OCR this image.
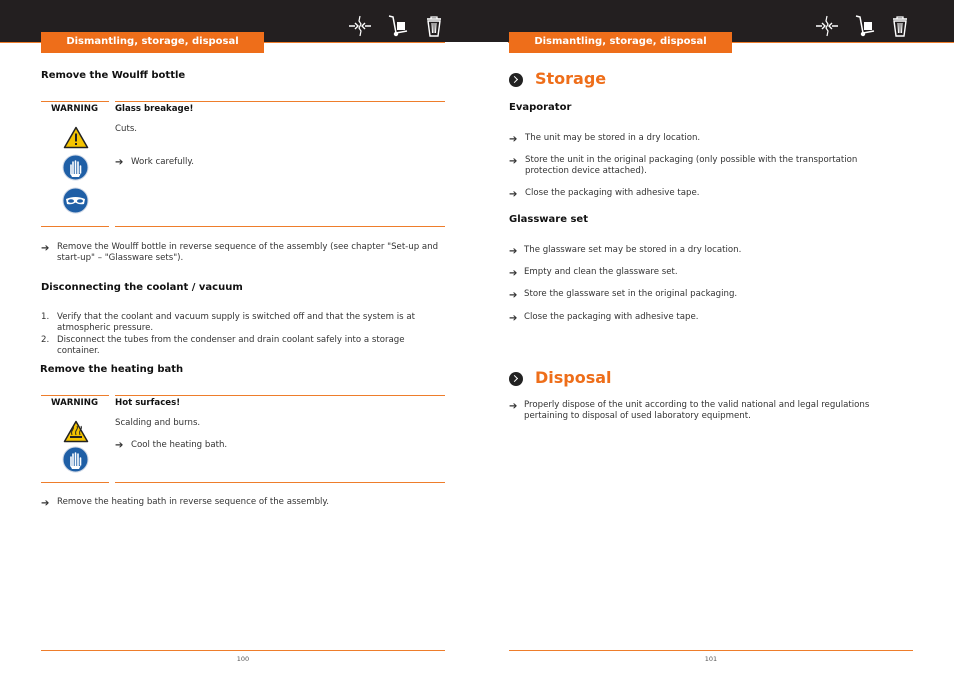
Dismantling, storage, disposal	Dismantling, storage, disposal
Remove the Woulff bottle
WARNING Glass breakage!
Cuts.
➔ Work carefully.
➔ Remove the Woulff bottle in reverse sequence of the assembly (see chapter "Set-up and start-up" – "Glassware sets").
Disconnecting the coolant / vacuum
1. Verify that the coolant and vacuum supply is switched off and that the system is at atmospheric pressure.
2. Disconnect the tubes from the condenser and drain coolant safely into a storage container.
Remove the heating bath
WARNING Hot surfaces!
Scalding and burns.
➔ Cool the heating bath.
➔ Remove the heating bath in reverse sequence of the assembly.
100
Storage
Evaporator
➔ The unit may be stored in a dry location.
➔ Store the unit in the original packaging (only possible with the transportation protection device attached).
➔ Close the packaging with adhesive tape.
Glassware set
➔ The glassware set may be stored in a dry location.
➔ Empty and clean the glassware set.
➔ Store the glassware set in the original packaging.
➔ Close the packaging with adhesive tape.
Disposal
➔ Properly dispose of the unit according to the valid national and legal regulations pertaining to disposal of used laboratory equipment.
101
